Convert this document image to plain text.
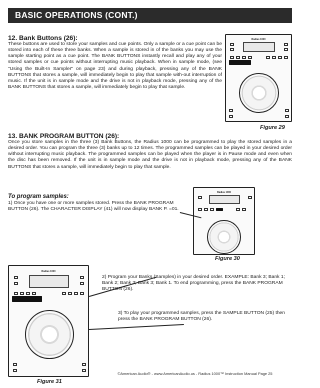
BASIC OPERATIONS (CONT.)
12. Bank Buttons (26):
These buttons are used to store your samples and cue points. Only a sample or a cue point can be stored into each of these three banks. When a sample is stored in of the banks you may use the sample starting point as a cue point. The BANK BUTTONS instantly recall and play any of your stored samples or cue points without interrupting music playback. When in sample mode, (see "Using the Built-In Sampler" on page 23) and during playback, pressing any of the BANK BUTTONS that stores a sample, will immediately begin to play that sample with-out interruption of music. If the unit is in sample mode and the drive is not in playback mode, pressing any of the BANK BUTTONS that stores a sample, will immediately begin to play that sample.
Radius 1000
Figure 29
13. BANK PROGRAM BUTTON (26):
Once you store samples in the three (3) Bank Buttons, the Radius 1000 can be programmed to play the stored samples in a desired order. You can program the three (3) banks up to 12 times. The programmed samples can be played in your desired order without interrupting music playback. The programmed samples can be played when the player is in Pause mode and even when the disc has been removed. If the unit is in sample mode and the drive is not in playback mode, pressing any of the BANK BUTTONS that stores a sample, will immediately begin to play that sample.
To program samples:
1) Once you have one or more samples stored. Press the BANK PROGRAM BUTTON (26). The CHARACTER DISPLAY (41) will now display BANK P. =01.
Radius 1000
Figure 30
Radius 1000
Figure 31
2) Program your Banks (Samples) in your desired order. EXAMPLE: Bank 3; Bank 1; Bank 2; Bank 3; Bank 3; Bank 1. To end programming, press the BANK PROGRAM BUTTON (26).
3) To play your programmed samples, press the SAMPLE BUTTON (25) then press the BANK PROGRAM BUTTON (26).
©American Audio® - www.AmericanAudio.us - Radius 1000™ Instruction Manual Page 25
